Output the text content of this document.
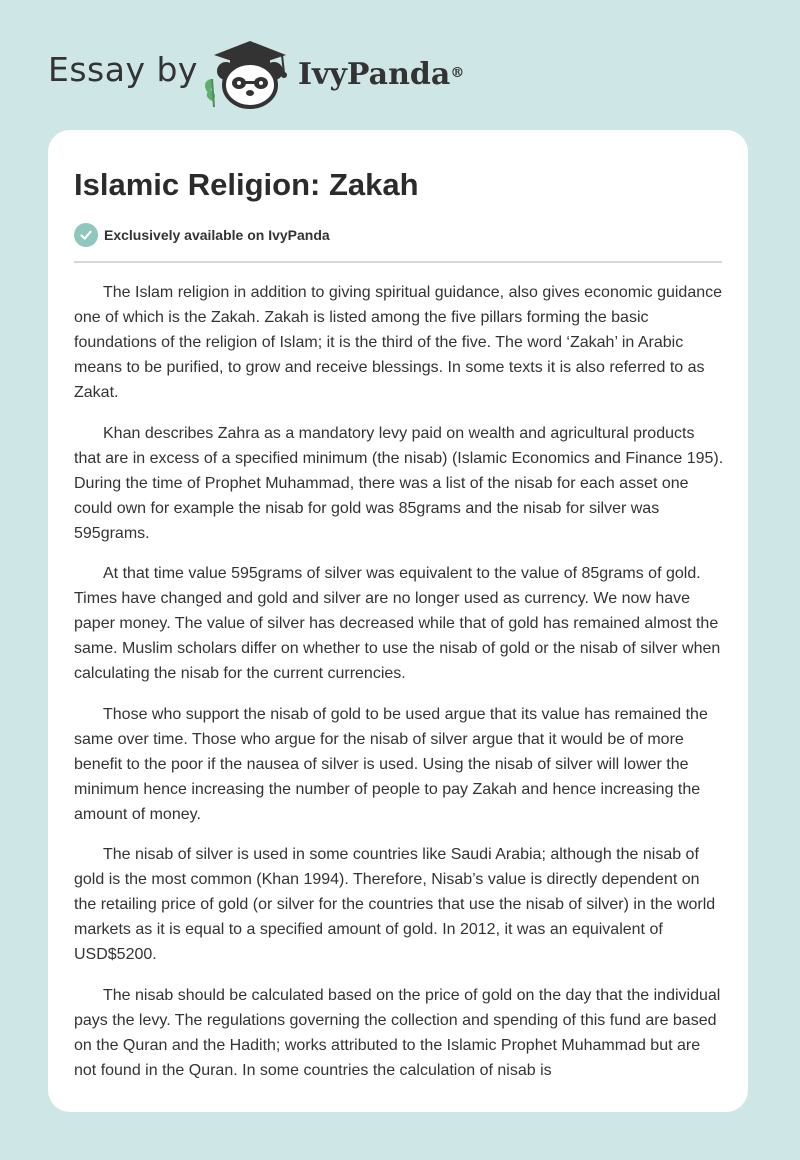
Essay by	IvyPanda®
Islamic Religion: Zakah
Exclusively available on IvyPanda

The Islam religion in addition to giving spiritual guidance, also gives economic guidance one of which is the Zakah. Zakah is listed among the five pillars forming the basic foundations of the religion of Islam; it is the third of the five. The word ‘Zakah’ in Arabic means to be purified, to grow and receive blessings. In some texts it is also referred to as Zakat.

Khan describes Zahra as a mandatory levy paid on wealth and agricultural products that are in excess of a specified minimum (the nisab) (Islamic Economics and Finance 195). During the time of Prophet Muhammad, there was a list of the nisab for each asset one could own for example the nisab for gold was 85grams and the nisab for silver was 595grams.

At that time value 595grams of silver was equivalent to the value of 85grams of gold. Times have changed and gold and silver are no longer used as currency. We now have paper money. The value of silver has decreased while that of gold has remained almost the same. Muslim scholars differ on whether to use the nisab of gold or the nisab of silver when calculating the nisab for the current currencies.

Those who support the nisab of gold to be used argue that its value has remained the same over time. Those who argue for the nisab of silver argue that it would be of more benefit to the poor if the nausea of silver is used. Using the nisab of silver will lower the minimum hence increasing the number of people to pay Zakah and hence increasing the amount of money.

The nisab of silver is used in some countries like Saudi Arabia; although the nisab of gold is the most common (Khan 1994). Therefore, Nisab’s value is directly dependent on the retailing price of gold (or silver for the countries that use the nisab of silver) in the world markets as it is equal to a specified amount of gold. In 2012, it was an equivalent of USD$5200.

The nisab should be calculated based on the price of gold on the day that the individual pays the levy. The regulations governing the collection and spending of this fund are based on the Quran and the Hadith; works attributed to the Islamic Prophet Muhammad but are not found in the Quran. In some countries the calculation of nisab is
